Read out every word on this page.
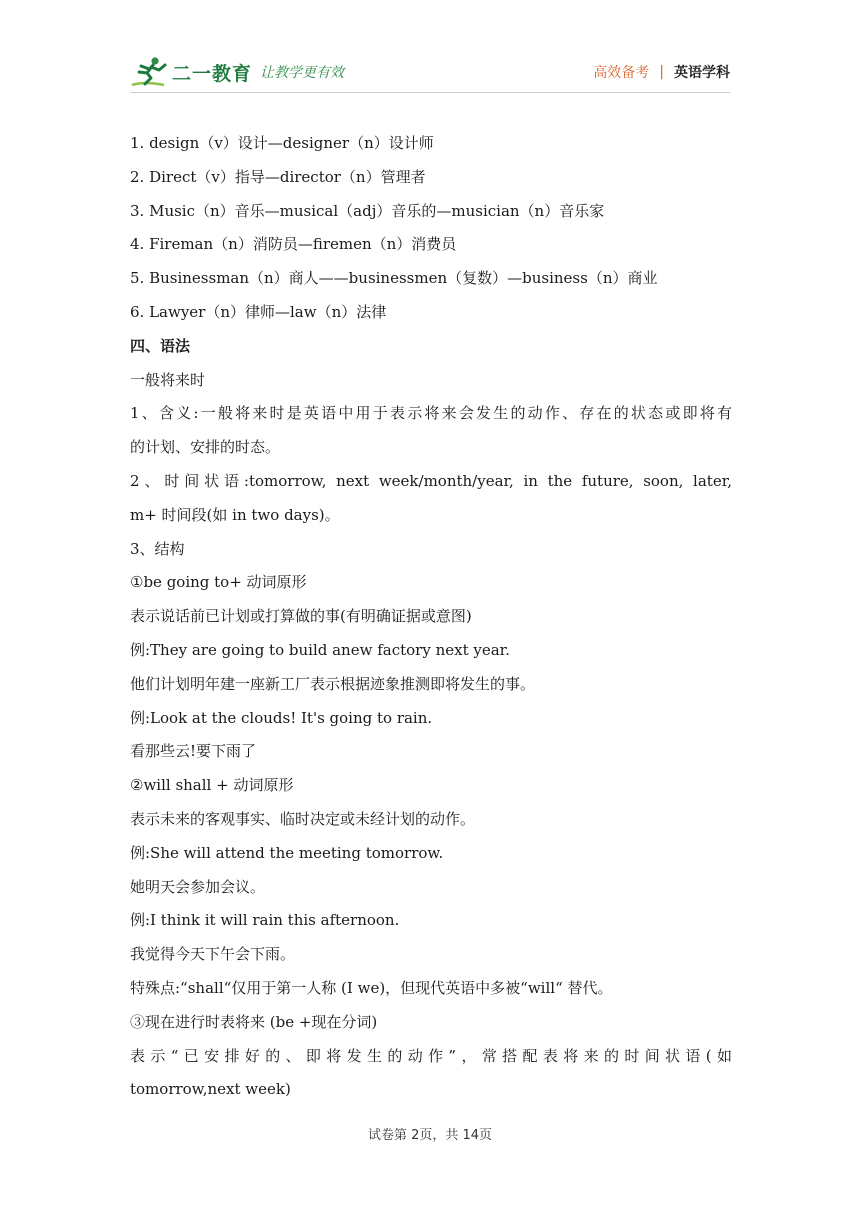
二一教育 让教学更有效	高效备考 | 英语学科
1. design（v）设计—designer（n）设计师
2. Direct（v）指导—director（n）管理者
3. Music（n）音乐—musical（adj）音乐的—musician（n）音乐家
4. Fireman（n）消防员—firemen（n）消费员
5. Businessman（n）商人——businessmen（复数）—business（n）商业
6. Lawyer（n）律师—law（n）法律
四、语法
一般将来时
1、含义:一般将来时是英语中用于表示将来会发生的动作、存在的状态或即将有
的计划、安排的时态。
2、时间状语:tomorrow, next week/month/year, in the future, soon, later,
m+ 时间段(如 in two days)。
3、结构
①be going to+ 动词原形
表示说话前已计划或打算做的事(有明确证据或意图)
例:They are going to build anew factory next year.
他们计划明年建一座新工厂表示根据迹象推测即将发生的事。
例:Look at the clouds! It's going to rain.
看那些云!要下雨了
②will shall + 动词原形
表示未来的客观事实、临时决定或未经计划的动作。
例:She will attend the meeting tomorrow.
她明天会参加会议。
例:I think it will rain this afternoon.
我觉得今天下午会下雨。
特殊点:“shall“仅用于第一人称 (I we)，但现代英语中多被“will“ 替代。
③现在进行时表将来 (be +现在分词)
表示“已安排好的、即将发生的动作”，常搭配表将来的时间状语(如
tomorrow,next week)
试卷第 2页，共 14页
